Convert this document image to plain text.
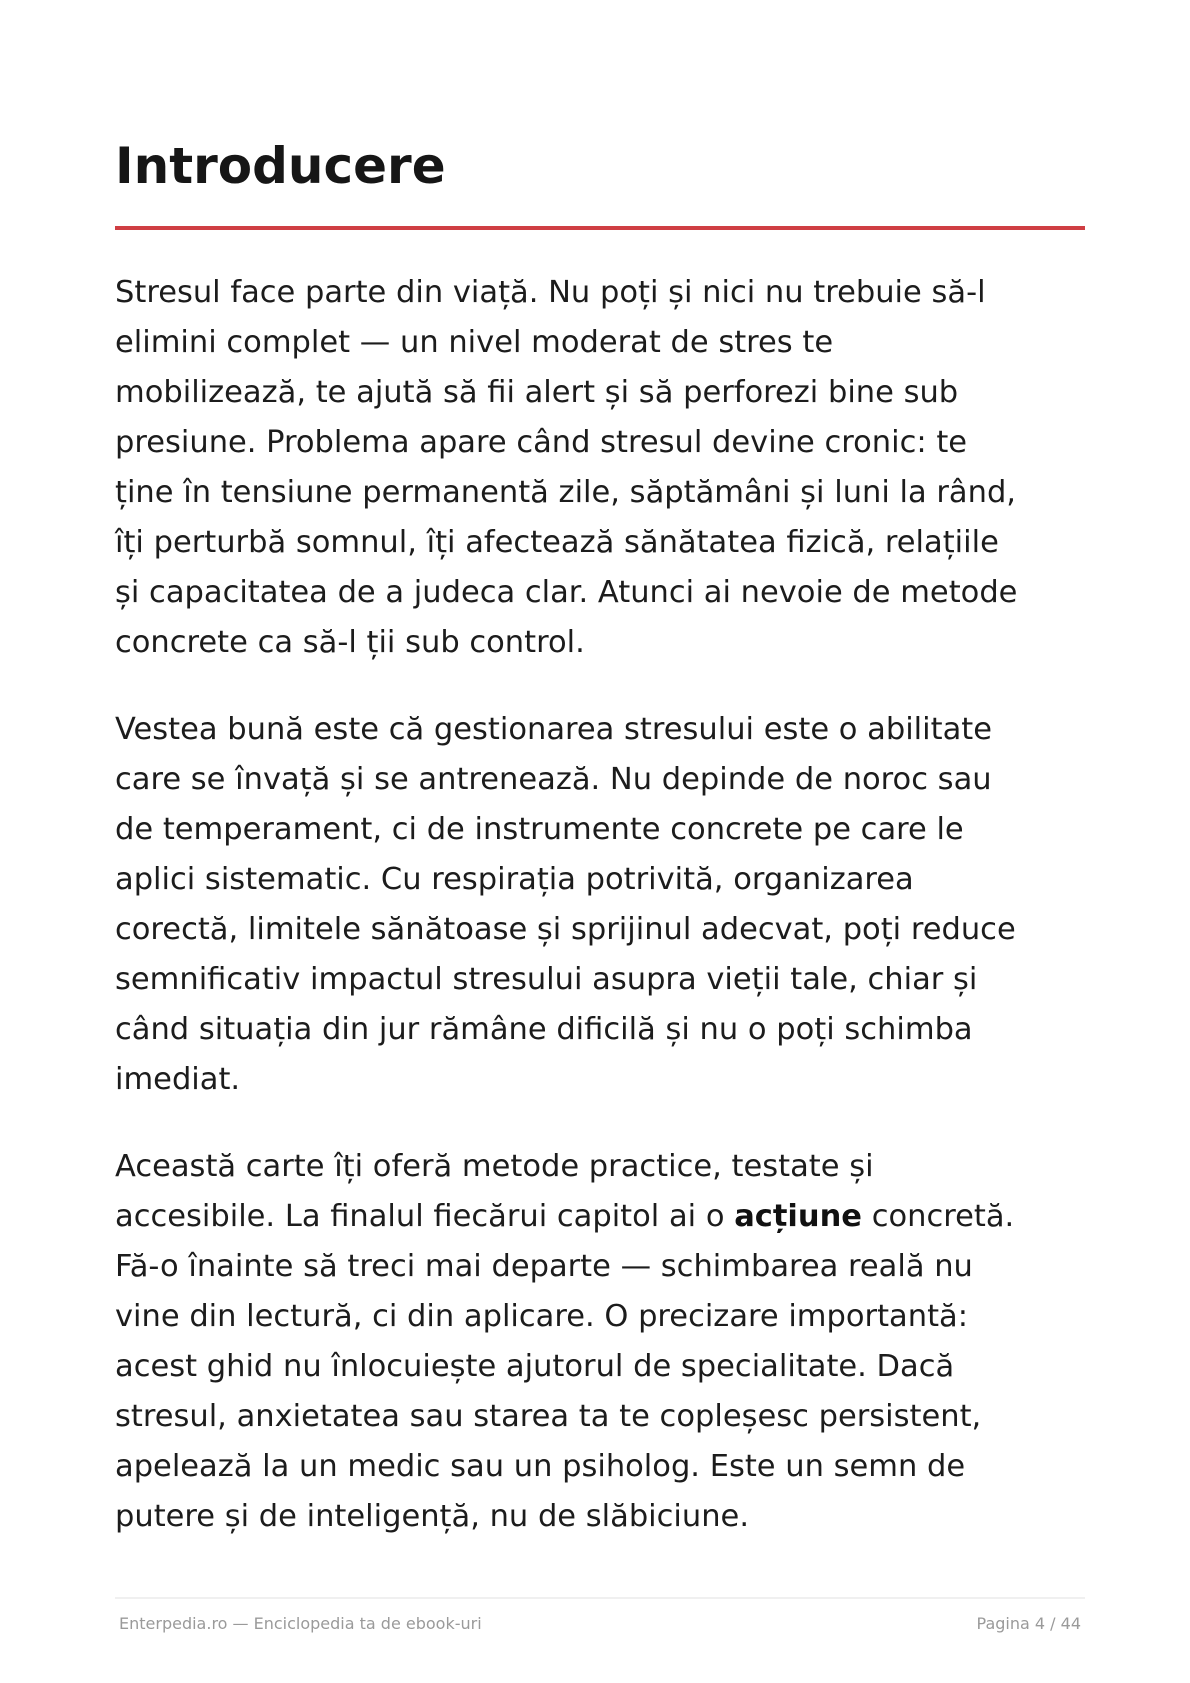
Introducere

Stresul face parte din viață. Nu poți și nici nu trebuie să-l
elimini complet — un nivel moderat de stres te
mobilizează, te ajută să fii alert și să perforezi bine sub
presiune. Problema apare când stresul devine cronic: te
ține în tensiune permanentă zile, săptămâni și luni la rând,
îți perturbă somnul, îți afectează sănătatea fizică, relațiile
și capacitatea de a judeca clar. Atunci ai nevoie de metode
concrete ca să-l ții sub control.

Vestea bună este că gestionarea stresului este o abilitate
care se învață și se antrenează. Nu depinde de noroc sau
de temperament, ci de instrumente concrete pe care le
aplici sistematic. Cu respirația potrivită, organizarea
corectă, limitele sănătoase și sprijinul adecvat, poți reduce
semnificativ impactul stresului asupra vieții tale, chiar și
când situația din jur rămâne dificilă și nu o poți schimba
imediat.

Această carte îți oferă metode practice, testate și
accesibile. La finalul fiecărui capitol ai o acțiune concretă.
Fă-o înainte să treci mai departe — schimbarea reală nu
vine din lectură, ci din aplicare. O precizare importantă:
acest ghid nu înlocuiește ajutorul de specialitate. Dacă
stresul, anxietatea sau starea ta te copleșesc persistent,
apelează la un medic sau un psiholog. Este un semn de
putere și de inteligență, nu de slăbiciune.

Enterpedia.ro — Enciclopedia ta de ebook-uri	Pagina 4 / 44
